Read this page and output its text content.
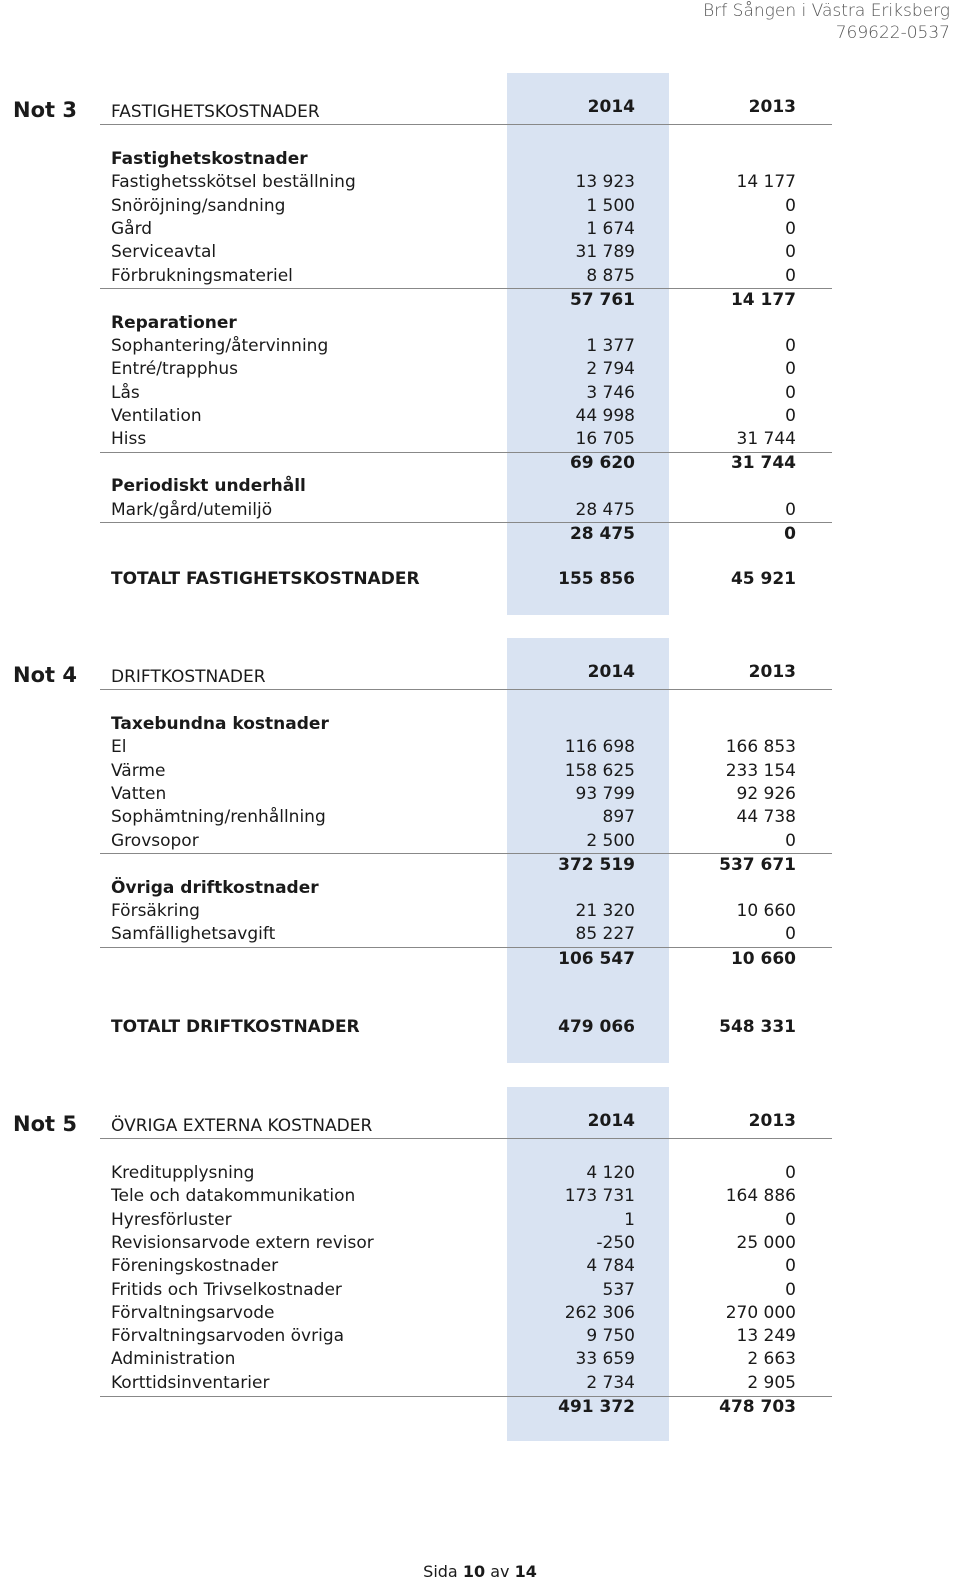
Brf Sången i Västra Eriksberg
769622-0537
Not 3 FASTIGHETSKOSTNADER	2014	2013
Fastighetskostnader
Fastighetsskötsel beställning	13 923	14 177
Snöröjning/sandning	1 500	0
Gård	1 674	0
Serviceavtal	31 789	0
Förbrukningsmateriel	8 875	0
57 761	14 177
Reparationer
Sophantering/återvinning	1 377	0
Entré/trapphus	2 794	0
Lås	3 746	0
Ventilation	44 998	0
Hiss	16 705	31 744
69 620	31 744
Periodiskt underhåll
Mark/gård/utemiljö	28 475	0
28 475	0
TOTALT FASTIGHETSKOSTNADER	155 856	45 921
Not 4 DRIFTKOSTNADER	2014	2013
Taxebundna kostnader
El	116 698	166 853
Värme	158 625	233 154
Vatten	93 799	92 926
Sophämtning/renhållning	897	44 738
Grovsopor	2 500	0
372 519	537 671
Övriga driftkostnader
Försäkring	21 320	10 660
Samfällighetsavgift	85 227	0
106 547	10 660
TOTALT DRIFTKOSTNADER	479 066	548 331
Not 5 ÖVRIGA EXTERNA KOSTNADER	2014	2013
Kreditupplysning	4 120	0
Tele och datakommunikation	173 731	164 886
Hyresförluster	1	0
Revisionsarvode extern revisor	-250	25 000
Föreningskostnader	4 784	0
Fritids och Trivselkostnader	537	0
Förvaltningsarvode	262 306	270 000
Förvaltningsarvoden övriga	9 750	13 249
Administration	33 659	2 663
Korttidsinventarier	2 734	2 905
491 372	478 703
Sida 10 av 14
